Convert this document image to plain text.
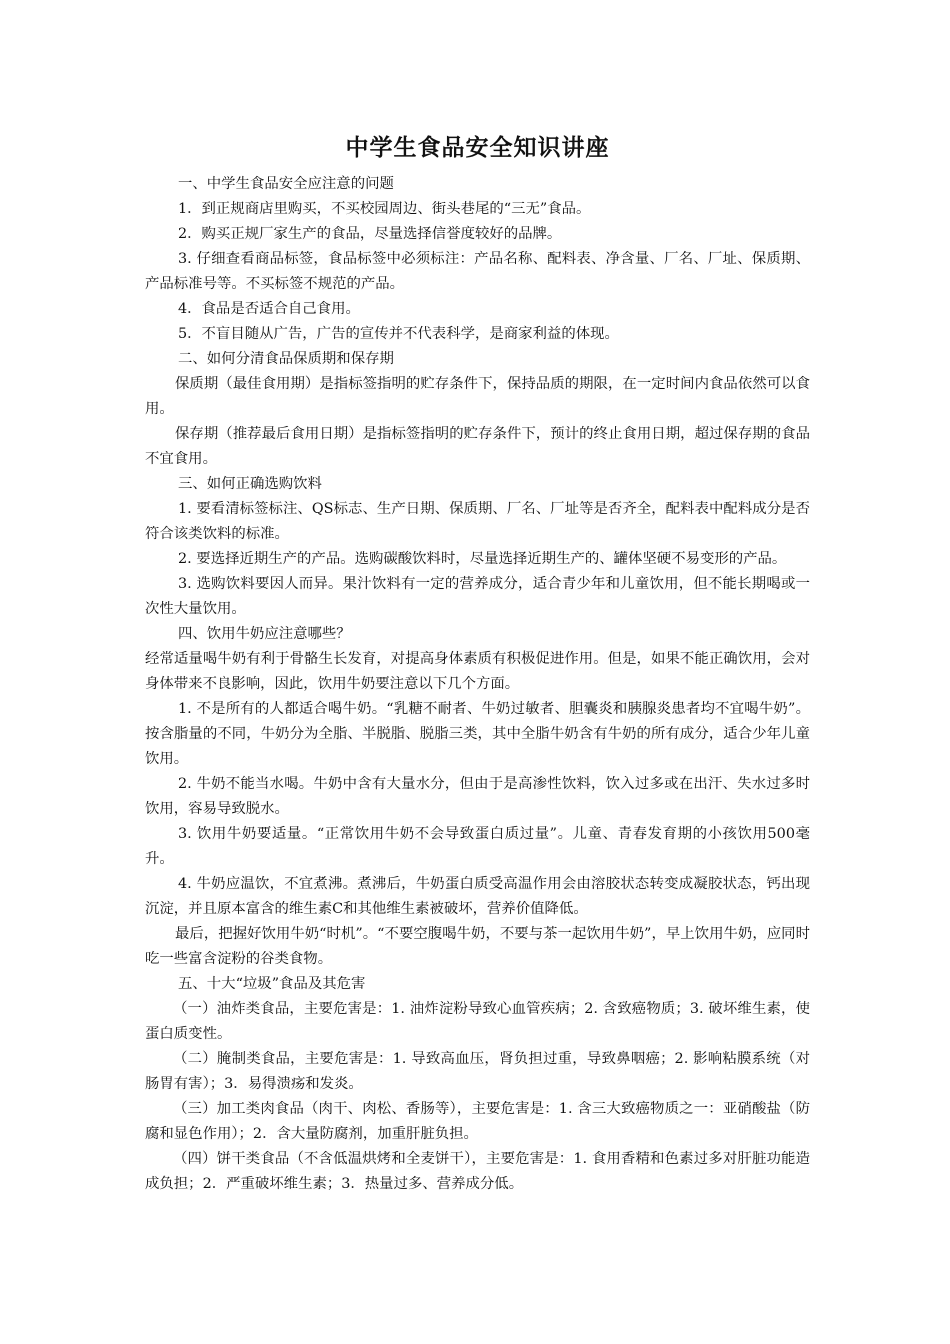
中学生食品安全知识讲座

一、中学生食品安全应注意的问题

1．到正规商店里购买，不买校园周边、街头巷尾的“三无”食品。

2．购买正规厂家生产的食品，尽量选择信誉度较好的品牌。

3. 仔细查看商品标签，食品标签中必须标注：产品名称、配料表、净含量、厂名、厂址、保质期、产品标准号等。不买标签不规范的产品。

4．食品是否适合自己食用。

5．不盲目随从广告，广告的宣传并不代表科学，是商家利益的体现。

二、如何分清食品保质期和保存期

保质期（最佳食用期）是指标签指明的贮存条件下，保持品质的期限，在一定时间内食品依然可以食用。

保存期（推荐最后食用日期）是指标签指明的贮存条件下，预计的终止食用日期，超过保存期的食品不宜食用。

三、如何正确选购饮料

1. 要看清标签标注、QS标志、生产日期、保质期、厂名、厂址等是否齐全，配料表中配料成分是否符合该类饮料的标准。

2. 要选择近期生产的产品。选购碳酸饮料时，尽量选择近期生产的、罐体坚硬不易变形的产品。

3. 选购饮料要因人而异。果汁饮料有一定的营养成分，适合青少年和儿童饮用，但不能长期喝或一次性大量饮用。

四、饮用牛奶应注意哪些？

经常适量喝牛奶有利于骨骼生长发育，对提高身体素质有积极促进作用。但是，如果不能正确饮用，会对身体带来不良影响，因此，饮用牛奶要注意以下几个方面。

1. 不是所有的人都适合喝牛奶。“乳糖不耐者、牛奶过敏者、胆囊炎和胰腺炎患者均不宜喝牛奶”。按含脂量的不同，牛奶分为全脂、半脱脂、脱脂三类，其中全脂牛奶含有牛奶的所有成分，适合少年儿童饮用。

2. 牛奶不能当水喝。牛奶中含有大量水分，但由于是高渗性饮料，饮入过多或在出汗、失水过多时饮用，容易导致脱水。

3. 饮用牛奶要适量。“正常饮用牛奶不会导致蛋白质过量”。儿童、青春发育期的小孩饮用500毫升。

4. 牛奶应温饮，不宜煮沸。煮沸后，牛奶蛋白质受高温作用会由溶胶状态转变成凝胶状态，钙出现沉淀，并且原本富含的维生素C和其他维生素被破坏，营养价值降低。

最后，把握好饮用牛奶“时机”。“不要空腹喝牛奶，不要与茶一起饮用牛奶”，早上饮用牛奶，应同时吃一些富含淀粉的谷类食物。

五、十大“垃圾”食品及其危害

（一）油炸类食品，主要危害是：1. 油炸淀粉导致心血管疾病；2. 含致癌物质；3. 破坏维生素，使蛋白质变性。

（二）腌制类食品，主要危害是：1. 导致高血压，肾负担过重，导致鼻咽癌；2. 影响粘膜系统（对肠胃有害）；3．易得溃疡和发炎。

（三）加工类肉食品（肉干、肉松、香肠等），主要危害是：1. 含三大致癌物质之一：亚硝酸盐（防腐和显色作用）；2．含大量防腐剂，加重肝脏负担。

（四）饼干类食品（不含低温烘烤和全麦饼干），主要危害是：1. 食用香精和色素过多对肝脏功能造成负担；2．严重破坏维生素；3．热量过多、营养成分低。
